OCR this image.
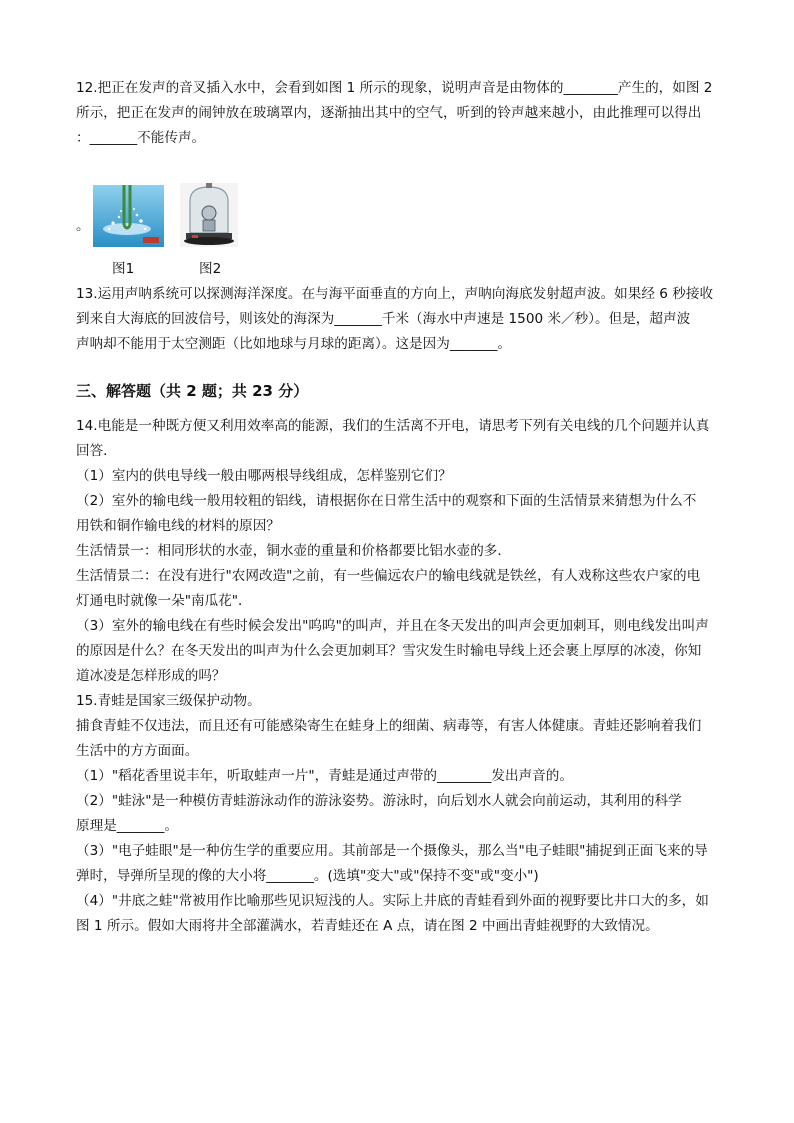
12.把正在发声的音叉插入水中，会看到如图 1 所示的现象，说明声音是由物体的________产生的，如图 2
所示，把正在发声的闹钟放在玻璃罩内，逐渐抽出其中的空气，听到的铃声越来越小，由此推理可以得出
：_______不能传声。
。
图1	图2
13.运用声呐系统可以探测海洋深度。在与海平面垂直的方向上，声呐向海底发射超声波。如果经 6 秒接收
到来自大海底的回波信号，则该处的海深为_______千米（海水中声速是 1500 米／秒）。但是，超声波
声呐却不能用于太空测距（比如地球与月球的距离）。这是因为_______。
三、解答题（共 2 题；共 23 分）
14.电能是一种既方便又利用效率高的能源，我们的生活离不开电，请思考下列有关电线的几个问题并认真
回答．
（1）室内的供电导线一般由哪两根导线组成，怎样鉴别它们？
（2）室外的输电线一般用较粗的铝线，请根据你在日常生活中的观察和下面的生活情景来猜想为什么不
用铁和铜作输电线的材料的原因？
生活情景一：相同形状的水壶，铜水壶的重量和价格都要比铝水壶的多．
生活情景二：在没有进行"农网改造"之前，有一些偏远农户的输电线就是铁丝，有人戏称这些农户家的电
灯通电时就像一朵"南瓜花"．
（3）室外的输电线在有些时候会发出"呜呜"的叫声，并且在冬天发出的叫声会更加刺耳，则电线发出叫声
的原因是什么？在冬天发出的叫声为什么会更加刺耳？雪灾发生时输电导线上还会裹上厚厚的冰凌，你知
道冰凌是怎样形成的吗？
15.青蛙是国家三级保护动物。
捕食青蛙不仅违法，而且还有可能感染寄生在蛙身上的细菌、病毒等，有害人体健康。青蛙还影响着我们
生活中的方方面面。
（1）"稻花香里说丰年，听取蛙声一片"，青蛙是通过声带的________发出声音的。
（2）"蛙泳"是一种模仿青蛙游泳动作的游泳姿势。游泳时，向后划水人就会向前运动，其利用的科学
原理是_______。
（3）"电子蛙眼"是一种仿生学的重要应用。其前部是一个摄像头，那么当"电子蛙眼"捕捉到正面飞来的导
弹时，导弹所呈现的像的大小将_______。(选填"变大"或"保持不变"或"变小")
（4）"井底之蛙"常被用作比喻那些见识短浅的人。实际上井底的青蛙看到外面的视野要比井口大的多，如
图 1 所示。假如大雨将井全部灌满水，若青蛙还在 A 点，请在图 2 中画出青蛙视野的大致情况。
